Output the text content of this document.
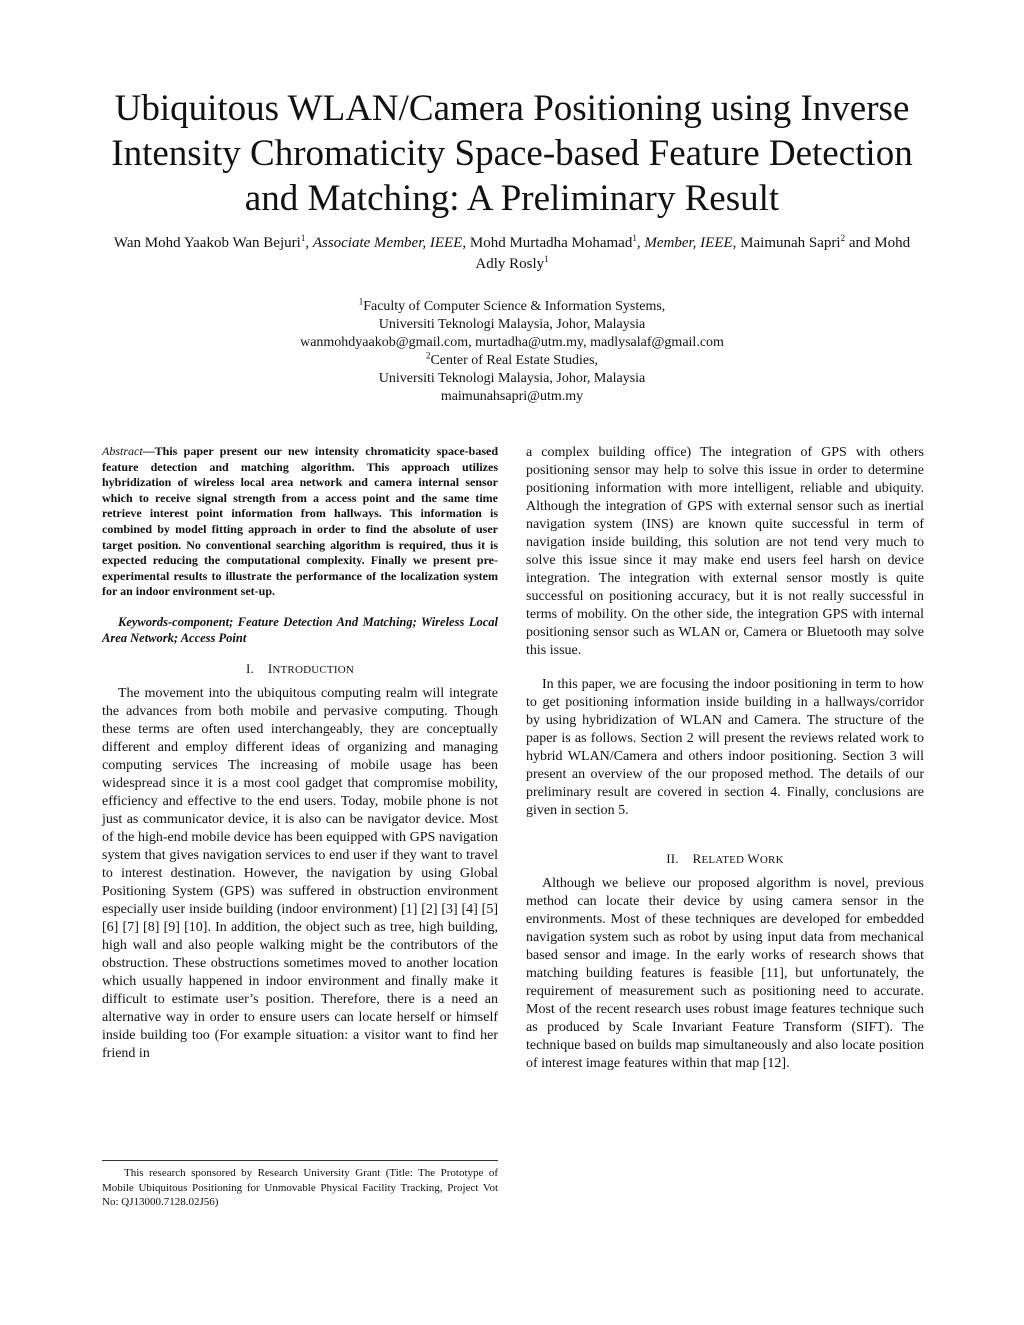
Ubiquitous WLAN/Camera Positioning using Inverse Intensity Chromaticity Space-based Feature Detection and Matching: A Preliminary Result
Wan Mohd Yaakob Wan Bejuri$^1$, Associate Member, IEEE, Mohd Murtadha Mohamad$^1$, Member, IEEE, Maimunah Sapri$^2$ and Mohd Adly Rosly$^1$
$^1$Faculty of Computer Science & Information Systems,
Universiti Teknologi Malaysia, Johor, Malaysia
wanmohdyaakob@gmail.com, murtadha@utm.my, madlysalaf@gmail.com
$^2$Center of Real Estate Studies,
Universiti Teknologi Malaysia, Johor, Malaysia
maimunahsapri@utm.my

Abstract—This paper present our new intensity chromaticity space-based feature detection and matching algorithm. This approach utilizes hybridization of wireless local area network and camera internal sensor which to receive signal strength from a access point and the same time retrieve interest point information from hallways. This information is combined by model fitting approach in order to find the absolute of user target position. No conventional searching algorithm is required, thus it is expected reducing the computational complexity. Finally we present pre-experimental results to illustrate the performance of the localization system for an indoor environment set-up.

Keywords-component; Feature Detection And Matching; Wireless Local Area Network; Access Point

I. INTRODUCTION

The movement into the ubiquitous computing realm will integrate the advances from both mobile and pervasive computing. Though these terms are often used interchangeably, they are conceptually different and employ different ideas of organizing and managing computing services The increasing of mobile usage has been widespread since it is a most cool gadget that compromise mobility, efficiency and effective to the end users. Today, mobile phone is not just as communicator device, it is also can be navigator device. Most of the high-end mobile device has been equipped with GPS navigation system that gives navigation services to end user if they want to travel to interest destination. However, the navigation by using Global Positioning System (GPS) was suffered in obstruction environment especially user inside building (indoor environment) [1] [2] [3] [4] [5] [6] [7] [8] [9] [10]. In addition, the object such as tree, high building, high wall and also people walking might be the contributors of the obstruction. These obstructions sometimes moved to another location which usually happened in indoor environment and finally make it difficult to estimate user’s position. Therefore, there is a need an alternative way in order to ensure users can locate herself or himself inside building too (For example situation: a visitor want to find her friend in

a complex building office) The integration of GPS with others positioning sensor may help to solve this issue in order to determine positioning information with more intelligent, reliable and ubiquity. Although the integration of GPS with external sensor such as inertial navigation system (INS) are known quite successful in term of navigation inside building, this solution are not tend very much to solve this issue since it may make end users feel harsh on device integration. The integration with external sensor mostly is quite successful on positioning accuracy, but it is not really successful in terms of mobility. On the other side, the integration GPS with internal positioning sensor such as WLAN or, Camera or Bluetooth may solve this issue.

In this paper, we are focusing the indoor positioning in term to how to get positioning information inside building in a hallways/corridor by using hybridization of WLAN and Camera. The structure of the paper is as follows. Section 2 will present the reviews related work to hybrid WLAN/Camera and others indoor positioning. Section 3 will present an overview of the our proposed method. The details of our preliminary result are covered in section 4. Finally, conclusions are given in section 5.

II. RELATED WORK

Although we believe our proposed algorithm is novel, previous method can locate their device by using camera sensor in the environments. Most of these techniques are developed for embedded navigation system such as robot by using input data from mechanical based sensor and image. In the early works of research shows that matching building features is feasible [11], but unfortunately, the requirement of measurement such as positioning need to accurate. Most of the recent research uses robust image features technique such as produced by Scale Invariant Feature Transform (SIFT). The technique based on builds map simultaneously and also locate position of interest image features within that map [12].

This research sponsored by Research University Grant (Title: The Prototype of Mobile Ubiquitous Positioning for Unmovable Physical Facility Tracking, Project Vot No: QJ13000.7128.02J56)
